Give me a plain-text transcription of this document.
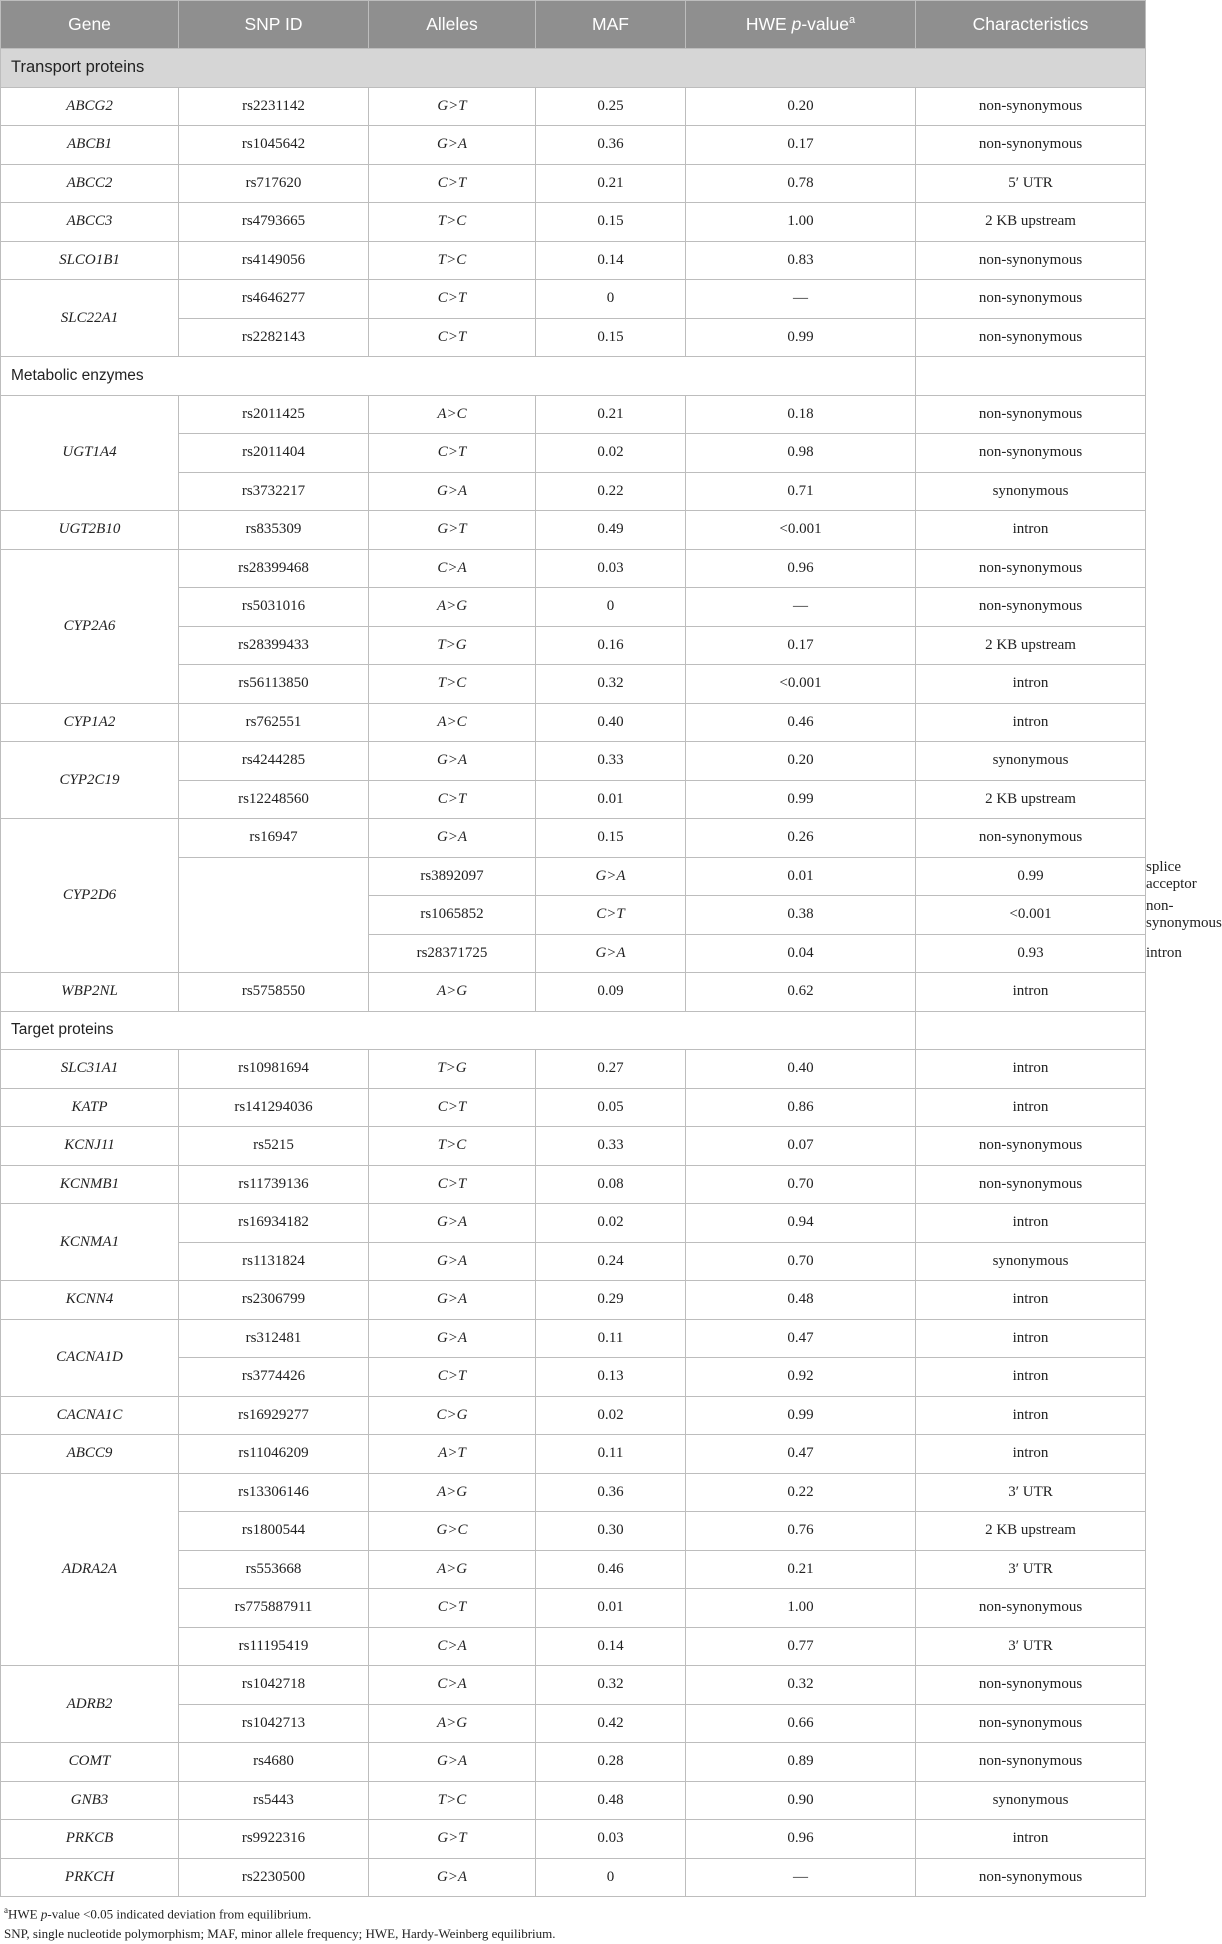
Gene	SNP ID	Alleles	MAF	HWE p-value$^a$	Characteristics	
Transport proteins						
ABCG2	rs2231142	G>T	0.25	0.20	non-synonymous	
ABCB1	rs1045642	G>A	0.36	0.17	non-synonymous	
ABCC2	rs717620	C>T	0.21	0.78	5′ UTR	
ABCC3	rs4793665	T>C	0.15	1.00	2 KB upstream	
SLCO1B1	rs4149056	T>C	0.14	0.83	non-synonymous	
SLC22A1	rs4646277	C>T	0	—	non-synonymous	
	rs2282143	C>T	0.15	0.99	non-synonymous	
Metabolic enzymes						
UGT1A4	rs2011425	A>C	0.21	0.18	non-synonymous	
	rs2011404	C>T	0.02	0.98	non-synonymous	
	rs3732217	G>A	0.22	0.71	synonymous	
UGT2B10	rs835309	G>T	0.49	<0.001	intron	
CYP2A6	rs28399468	C>A	0.03	0.96	non-synonymous	
	rs5031016	A>G	0	—	non-synonymous	
	rs28399433	T>G	0.16	0.17	2 KB upstream	
	rs56113850	T>C	0.32	<0.001	intron	
CYP1A2	rs762551	A>C	0.40	0.46	intron	
CYP2C19	rs4244285	G>A	0.33	0.20	synonymous	
	rs12248560	C>T	0.01	0.99	2 KB upstream	
CYP2D6	rs16947	G>A	0.15	0.26	non-synonymous	
		rs3892097	G>A	0.01	0.99	splice acceptor
		rs1065852	C>T	0.38	<0.001	non-synonymous
		rs28371725	G>A	0.04	0.93	intron
WBP2NL	rs5758550	A>G	0.09	0.62	intron	
Target proteins						
SLC31A1	rs10981694	T>G	0.27	0.40	intron	
KATP	rs141294036	C>T	0.05	0.86	intron	
KCNJ11	rs5215	T>C	0.33	0.07	non-synonymous	
KCNMB1	rs11739136	C>T	0.08	0.70	non-synonymous	
KCNMA1	rs16934182	G>A	0.02	0.94	intron	
	rs1131824	G>A	0.24	0.70	synonymous	
KCNN4	rs2306799	G>A	0.29	0.48	intron	
CACNA1D	rs312481	G>A	0.11	0.47	intron	
	rs3774426	C>T	0.13	0.92	intron	
CACNA1C	rs16929277	C>G	0.02	0.99	intron	
ABCC9	rs11046209	A>T	0.11	0.47	intron	
ADRA2A	rs13306146	A>G	0.36	0.22	3′ UTR	
	rs1800544	G>C	0.30	0.76	2 KB upstream	
	rs553668	A>G	0.46	0.21	3′ UTR	
	rs775887911	C>T	0.01	1.00	non-synonymous	
	rs11195419	C>A	0.14	0.77	3′ UTR	
ADRB2	rs1042718	C>A	0.32	0.32	non-synonymous	
	rs1042713	A>G	0.42	0.66	non-synonymous	
COMT	rs4680	G>A	0.28	0.89	non-synonymous	
GNB3	rs5443	T>C	0.48	0.90	synonymous	
PRKCB	rs9922316	G>T	0.03	0.96	intron	
PRKCH	rs2230500	G>A	0	—	non-synonymous	
$^a$HWE p-value <0.05 indicated deviation from equilibrium.
SNP, single nucleotide polymorphism; MAF, minor allele frequency; HWE, Hardy-Weinberg equilibrium.
